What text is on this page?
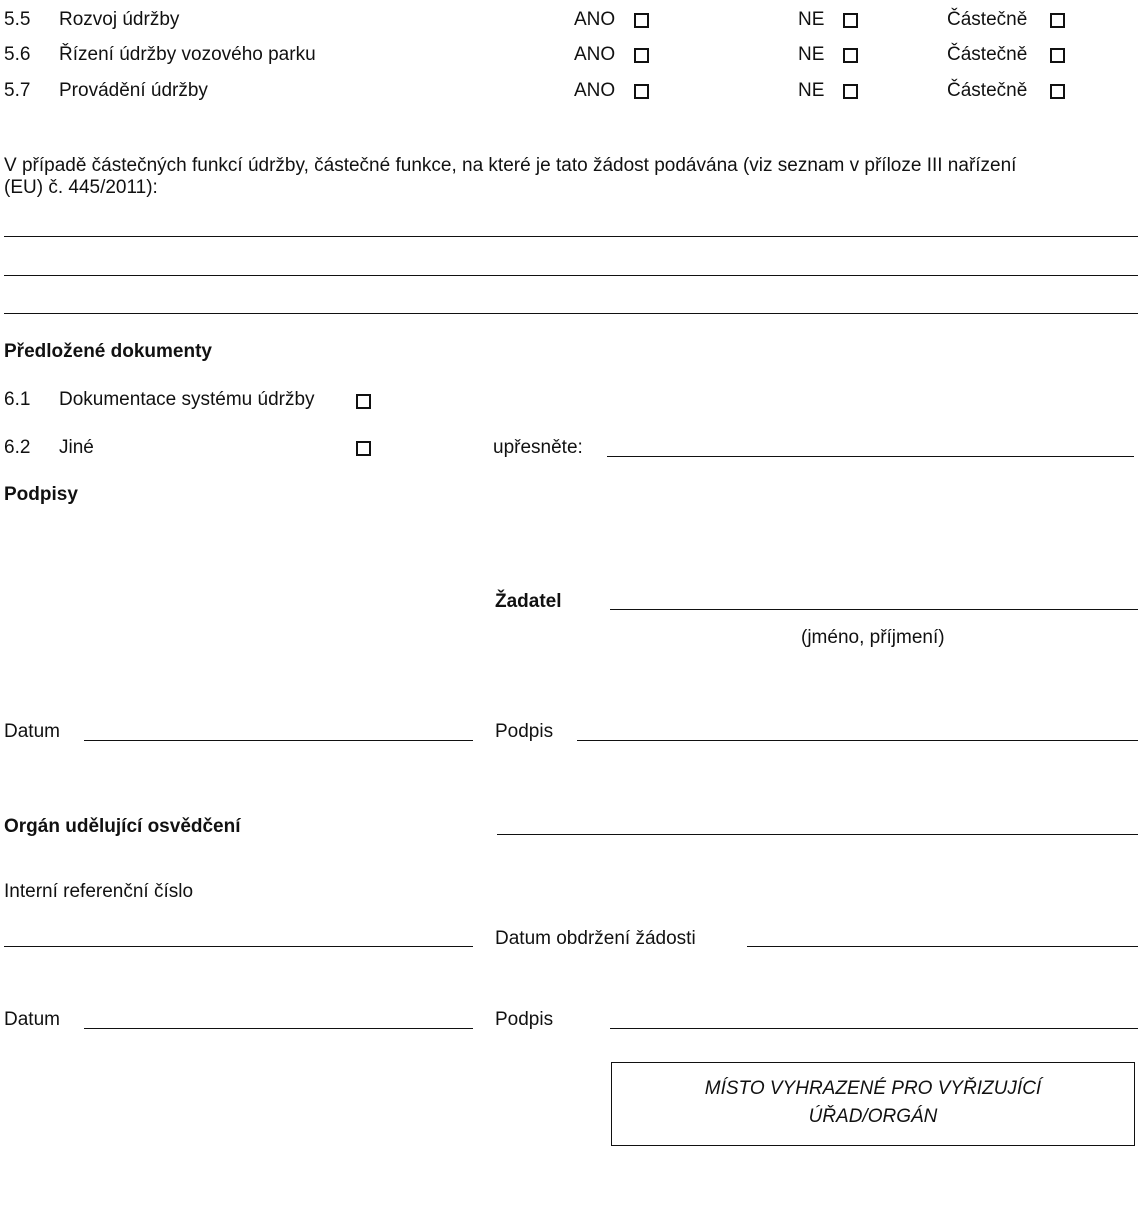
5.5 Rozvoj údržby	ANO	NE	Částečně
5.6 Řízení údržby vozového parku	ANO	NE	Částečně
5.7 Provádění údržby	ANO	NE	Částečně
V případě částečných funkcí údržby, částečné funkce, na které je tato žádost podávána (viz seznam v příloze III nařízení
(EU) č. 445/2011):
Předložené dokumenty
6.1 Dokumentace systému údržby
6.2 Jiné	upřesněte:
Podpisy
Žadatel
(jméno, příjmení)
Datum	Podpis
Orgán udělující osvědčení
Interní referenční číslo
Datum obdržení žádosti
Datum	Podpis
MÍSTO VYHRAZENÉ PRO VYŘIZUJÍCÍ
ÚŘAD/ORGÁN
